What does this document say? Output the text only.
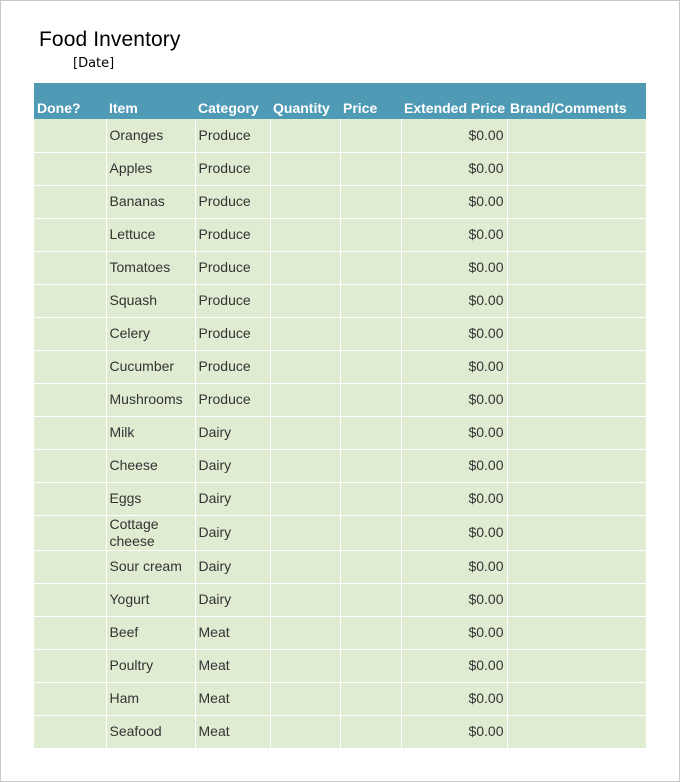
Food Inventory
[Date]
Done?	Item	Category	Quantity	Price	Extended Price	Brand/Comments
	Oranges	Produce			$0.00	
	Apples	Produce			$0.00	
	Bananas	Produce			$0.00	
	Lettuce	Produce			$0.00	
	Tomatoes	Produce			$0.00	
	Squash	Produce			$0.00	
	Celery	Produce			$0.00	
	Cucumber	Produce			$0.00	
	Mushrooms	Produce			$0.00	
	Milk	Dairy			$0.00	
	Cheese	Dairy			$0.00	
	Eggs	Dairy			$0.00	
	Cottage cheese	Dairy			$0.00	
	Sour cream	Dairy			$0.00	
	Yogurt	Dairy			$0.00	
	Beef	Meat			$0.00	
	Poultry	Meat			$0.00	
	Ham	Meat			$0.00	
	Seafood	Meat			$0.00	
